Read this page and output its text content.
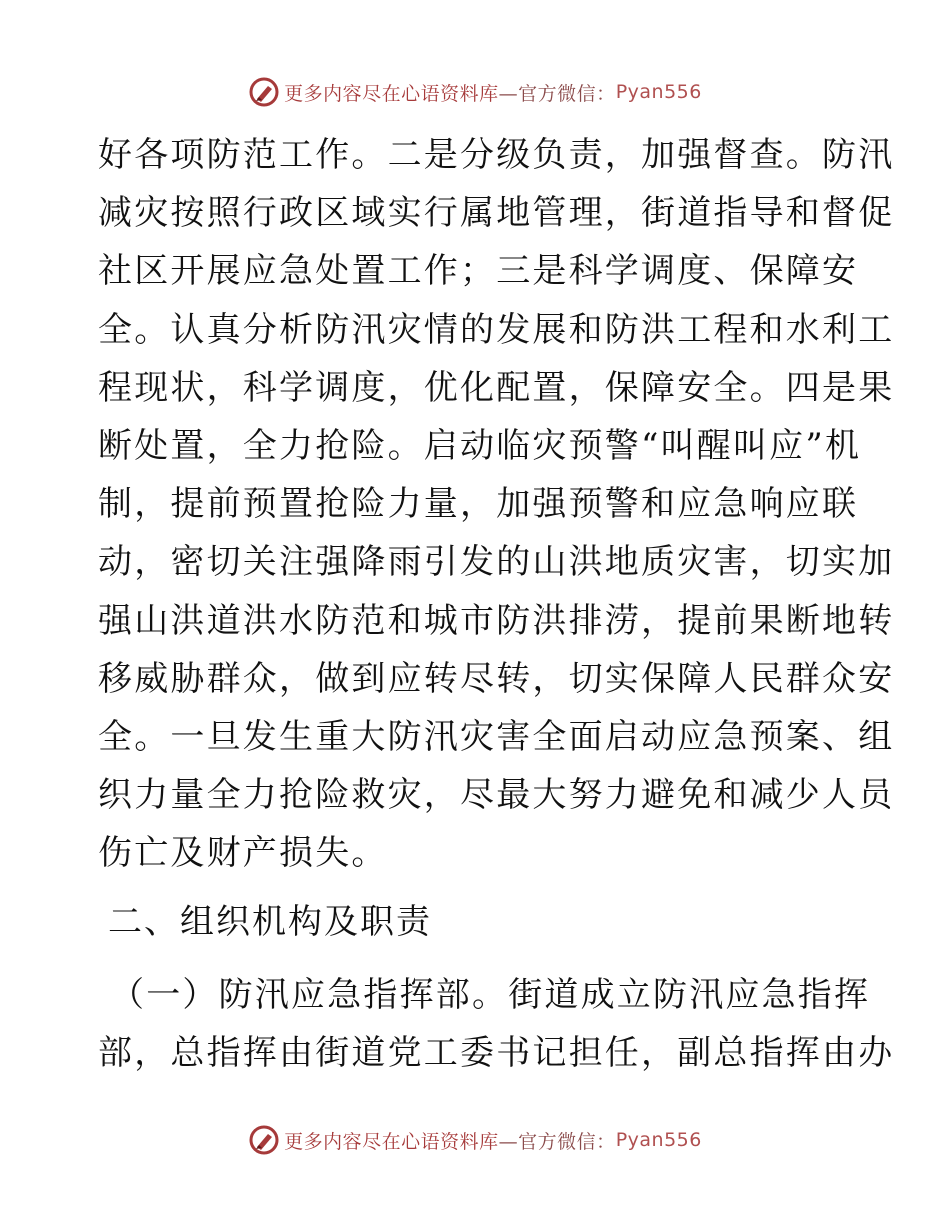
更多内容尽在心语资料库 —官方微信： Pyan556
好各项防范工作。二是分级负责，加强督查。防汛
减灾按照行政区域实行属地管理，街道指导和督促
社区开展应急处置工作；三是科学调度、保障安
全。认真分析防汛灾情的发展和防洪工程和水利工
程现状，科学调度，优化配置，保障安全。四是果
断处置，全力抢险。启动临灾预警“叫醒叫应”机
制，提前预置抢险力量，加强预警和应急响应联
动，密切关注强降雨引发的山洪地质灾害，切实加
强山洪道洪水防范和城市防洪排涝，提前果断地转
移威胁群众，做到应转尽转，切实保障人民群众安
全。一旦发生重大防汛灾害全面启动应急预案、组
织力量全力抢险救灾，尽最大努力避免和减少人员
伤亡及财产损失。
二、组织机构及职责
（一）防汛应急指挥部。街道成立防汛应急指挥
部，总指挥由街道党工委书记担任，副总指挥由办
更多内容尽在心语资料库 —官方微信： Pyan556
